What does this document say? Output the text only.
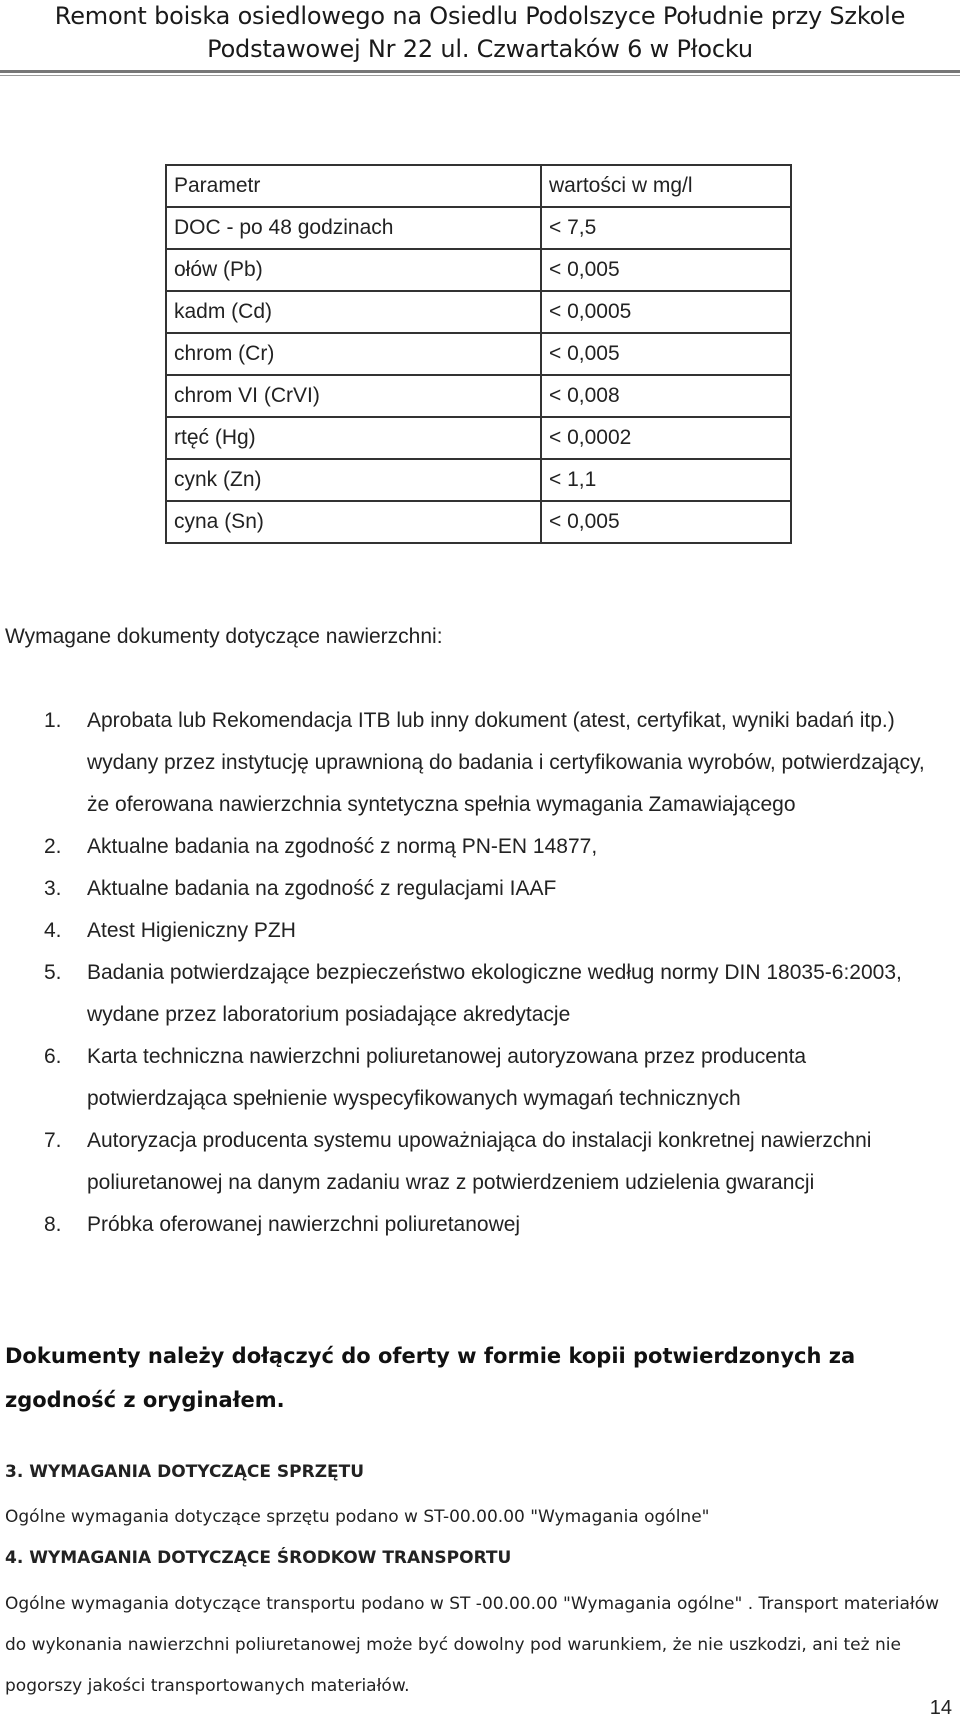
Remont boiska osiedlowego na Osiedlu Podolszyce Południe przy Szkole
Podstawowej Nr 22 ul. Czwartaków 6 w Płocku
Parametr	wartości w mg/l
DOC - po 48 godzinach	< 7,5
ołów (Pb)	< 0,005
kadm (Cd)	< 0,0005
chrom (Cr)	< 0,005
chrom VI (CrVI)	< 0,008
rtęć (Hg)	< 0,0002
cynk (Zn)	< 1,1
cyna (Sn)	< 0,005
Wymagane dokumenty dotyczące nawierzchni:
1. Aprobata lub Rekomendacja ITB lub inny dokument (atest, certyfikat, wyniki badań itp.) wydany przez instytucję uprawnioną do badania i certyfikowania wyrobów, potwierdzający, że oferowana nawierzchnia syntetyczna spełnia wymagania Zamawiającego
2. Aktualne badania na zgodność z normą PN-EN 14877,
3. Aktualne badania na zgodność z regulacjami IAAF
4. Atest Higieniczny PZH
5. Badania potwierdzające bezpieczeństwo ekologiczne według normy DIN 18035-6:2003, wydane przez laboratorium posiadające akredytacje
6. Karta techniczna nawierzchni poliuretanowej autoryzowana przez producenta potwierdzająca spełnienie wyspecyfikowanych wymagań technicznych
7. Autoryzacja producenta systemu upoważniająca do instalacji konkretnej nawierzchni poliuretanowej na danym zadaniu wraz z potwierdzeniem udzielenia gwarancji
8. Próbka oferowanej nawierzchni poliuretanowej
Dokumenty należy dołączyć do oferty w formie kopii potwierdzonych za zgodność z oryginałem.
3. WYMAGANIA DOTYCZĄCE SPRZĘTU
Ogólne wymagania dotyczące sprzętu podano w ST-00.00.00 "Wymagania ogólne"
4. WYMAGANIA DOTYCZĄCE ŚRODKOW TRANSPORTU
Ogólne wymagania dotyczące transportu podano w ST -00.00.00 "Wymagania ogólne" . Transport materiałów do wykonania nawierzchni poliuretanowej może być dowolny pod warunkiem, że nie uszkodzi, ani też nie pogorszy jakości transportowanych materiałów.
14
